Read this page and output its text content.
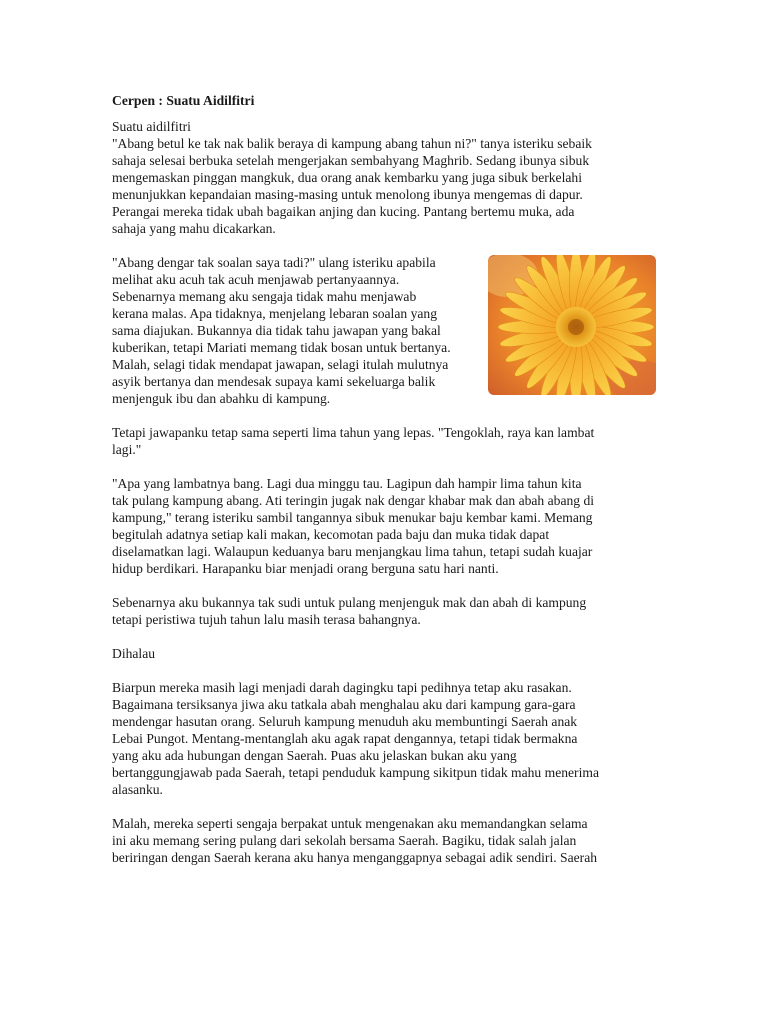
Cerpen : Suatu Aidilfitri

Suatu aidilfitri
"Abang betul ke tak nak balik beraya di kampung abang tahun ni?" tanya isteriku sebaik
sahaja selesai berbuka setelah mengerjakan sembahyang Maghrib. Sedang ibunya sibuk
mengemaskan pinggan mangkuk, dua orang anak kembarku yang juga sibuk berkelahi
menunjukkan kepandaian masing-masing untuk menolong ibunya mengemas di dapur.
Perangai mereka tidak ubah bagaikan anjing dan kucing. Pantang bertemu muka, ada
sahaja yang mahu dicakarkan.

"Abang dengar tak soalan saya tadi?" ulang isteriku apabila
melihat aku acuh tak acuh menjawab pertanyaannya.
Sebenarnya memang aku sengaja tidak mahu menjawab
kerana malas. Apa tidaknya, menjelang lebaran soalan yang
sama diajukan. Bukannya dia tidak tahu jawapan yang bakal
kuberikan, tetapi Mariati memang tidak bosan untuk bertanya.
Malah, selagi tidak mendapat jawapan, selagi itulah mulutnya
asyik bertanya dan mendesak supaya kami sekeluarga balik
menjenguk ibu dan abahku di kampung.

Tetapi jawapanku tetap sama seperti lima tahun yang lepas. "Tengoklah, raya kan lambat
lagi."

"Apa yang lambatnya bang. Lagi dua minggu tau. Lagipun dah hampir lima tahun kita
tak pulang kampung abang. Ati teringin jugak nak dengar khabar mak dan abah abang di
kampung," terang isteriku sambil tangannya sibuk menukar baju kembar kami. Memang
begitulah adatnya setiap kali makan, kecomotan pada baju dan muka tidak dapat
diselamatkan lagi. Walaupun keduanya baru menjangkau lima tahun, tetapi sudah kuajar
hidup berdikari. Harapanku biar menjadi orang berguna satu hari nanti.

Sebenarnya aku bukannya tak sudi untuk pulang menjenguk mak dan abah di kampung
tetapi peristiwa tujuh tahun lalu masih terasa bahangnya.

Dihalau

Biarpun mereka masih lagi menjadi darah dagingku tapi pedihnya tetap aku rasakan.
Bagaimana tersiksanya jiwa aku tatkala abah menghalau aku dari kampung gara-gara
mendengar hasutan orang. Seluruh kampung menuduh aku membuntingi Saerah anak
Lebai Pungot. Mentang-mentanglah aku agak rapat dengannya, tetapi tidak bermakna
yang aku ada hubungan dengan Saerah. Puas aku jelaskan bukan aku yang
bertanggungjawab pada Saerah, tetapi penduduk kampung sikitpun tidak mahu menerima
alasanku.

Malah, mereka seperti sengaja berpakat untuk mengenakan aku memandangkan selama
ini aku memang sering pulang dari sekolah bersama Saerah. Bagiku, tidak salah jalan
beriringan dengan Saerah kerana aku hanya menganggapnya sebagai adik sendiri. Saerah
